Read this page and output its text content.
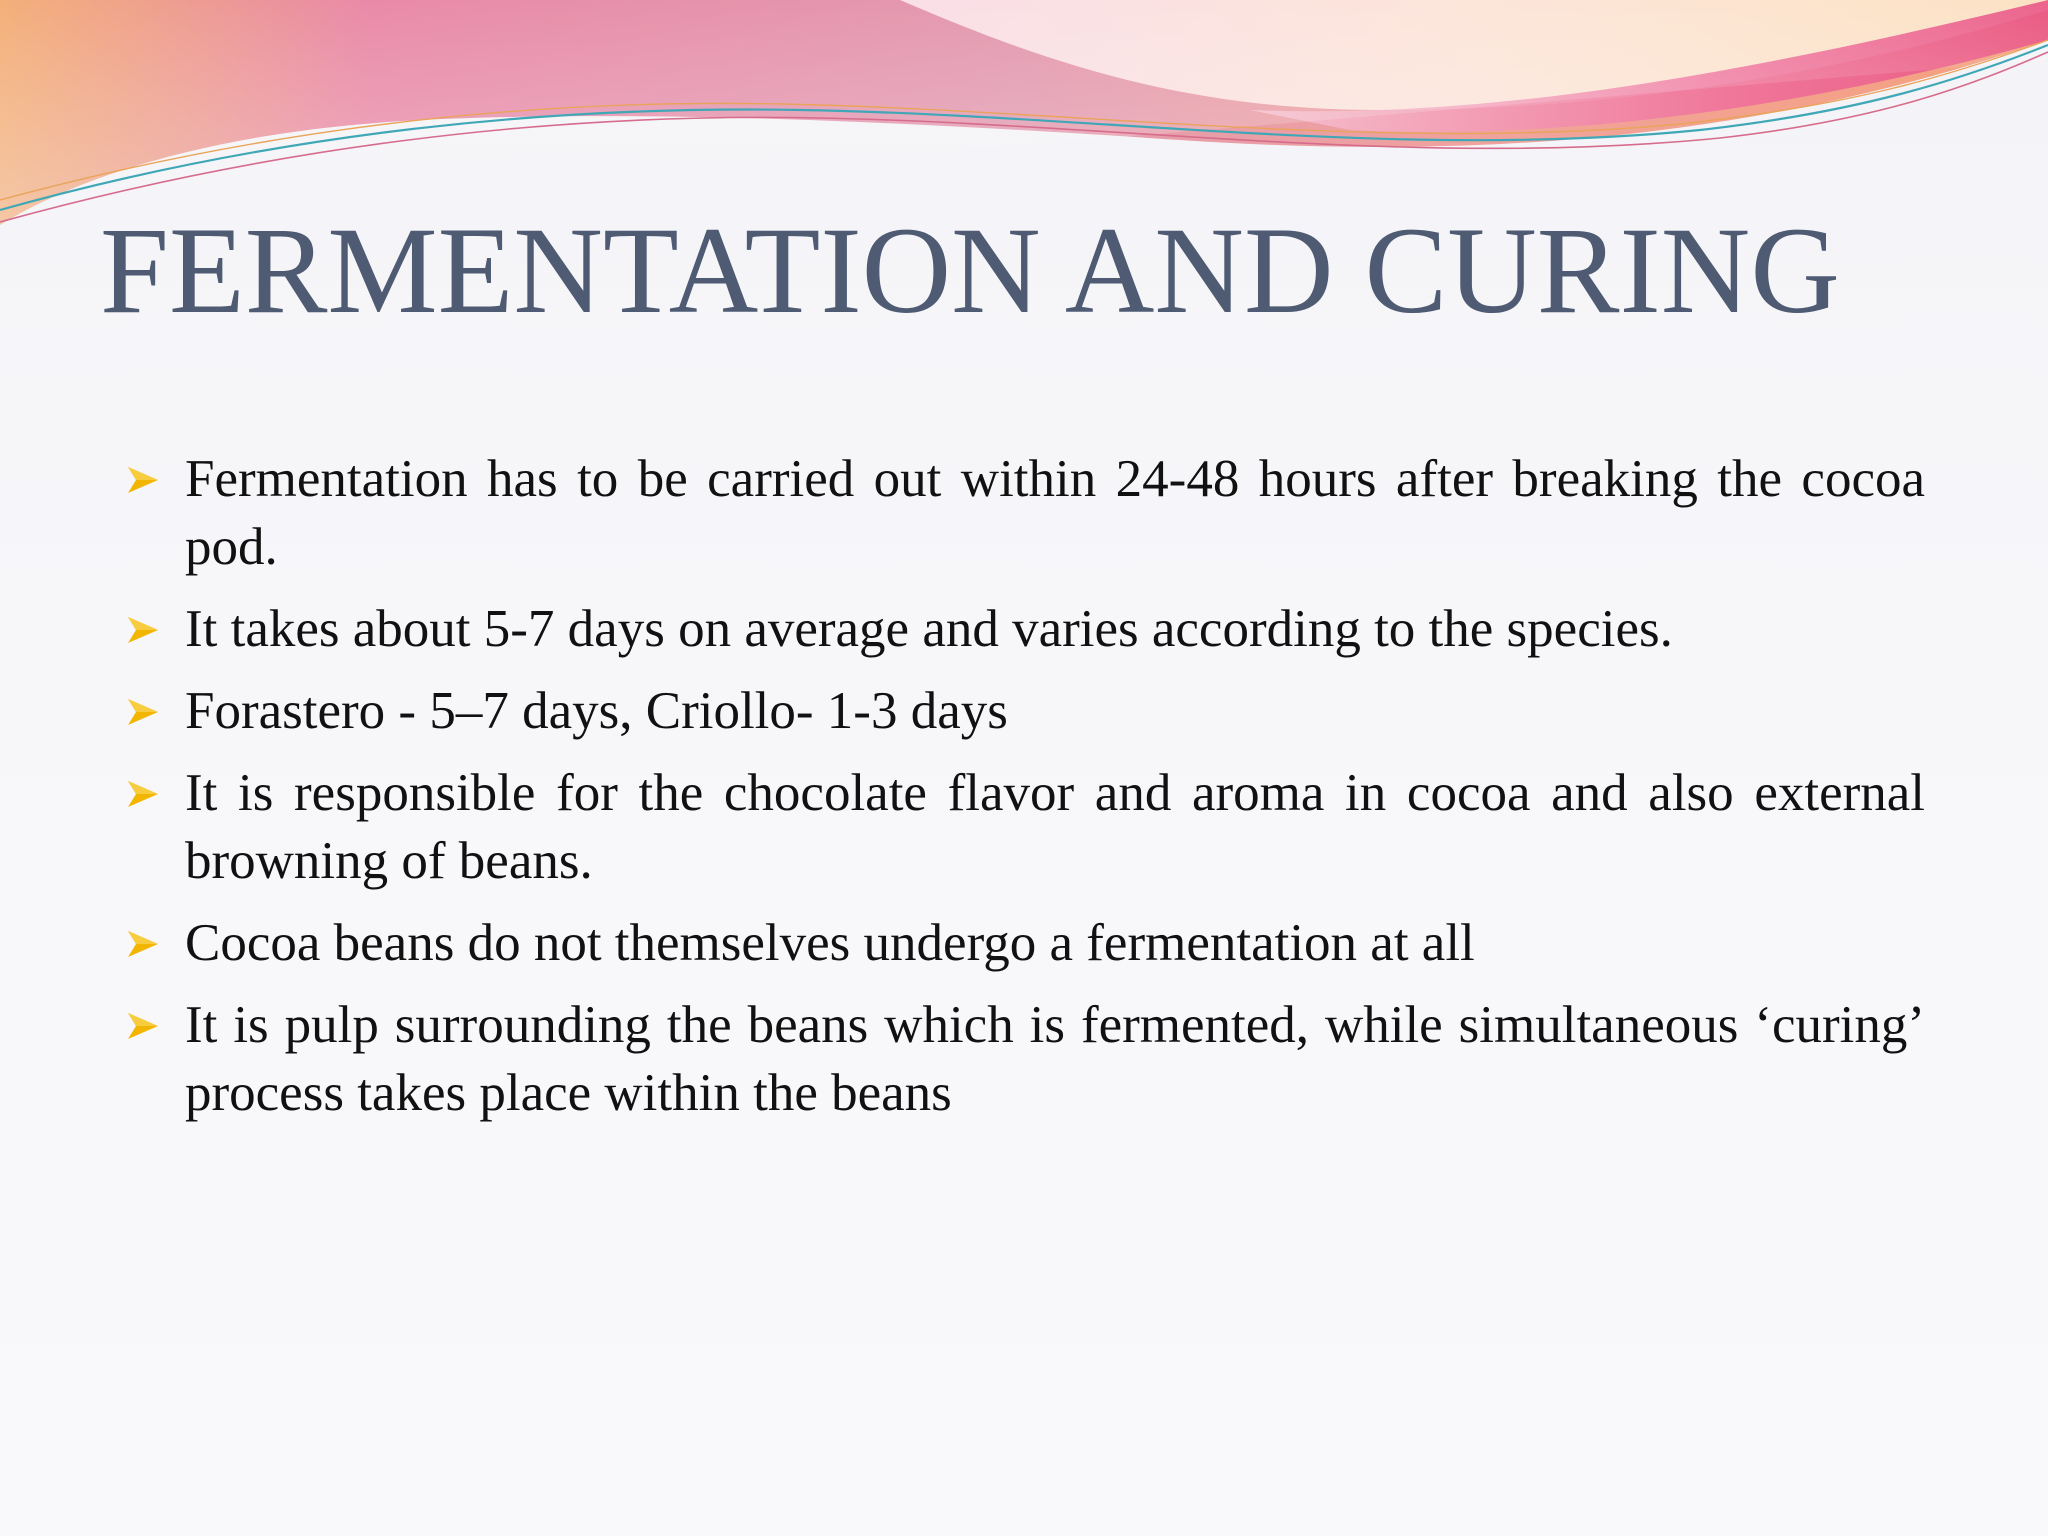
FERMENTATION AND CURING
Fermentation has to be carried out within 24-48 hours after breaking the cocoa pod.
It takes about 5-7 days on average and varies according to the species.
Forastero - 5–7 days, Criollo- 1-3 days
It is responsible for the chocolate flavor and aroma in cocoa and also external browning of beans.
Cocoa beans do not themselves undergo a fermentation at all
It is pulp surrounding the beans which is fermented, while simultaneous ‘curing’ process takes place within the beans
